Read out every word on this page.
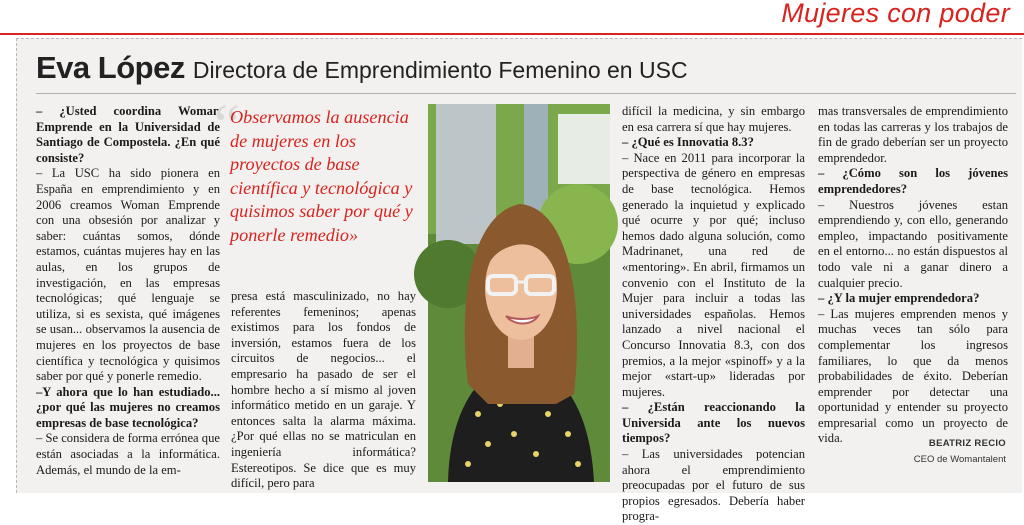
Mujeres con poder
Eva López Directora de Emprendimiento Femenino en USC

– ¿Usted coordina Woman Emprende en la Universidad de Santiago de Compostela. ¿En qué consiste?

– La USC ha sido pionera en España en emprendimiento y en 2006 creamos Woman Emprende con una obsesión por analizar y saber: cuántas somos, dónde estamos, cuántas mujeres hay en las aulas, en los grupos de investigación, en las empresas tecnológicas; qué lenguaje se utiliza, si es sexista, qué imágenes se usan... observamos la ausencia de mujeres en los proyectos de base científica y tecnológica y quisimos saber por qué y ponerle remedio.

–Y ahora que lo han estudiado... ¿por qué las mujeres no creamos empresas de base tecnológica?

– Se considera de forma errónea que están asociadas a la informática. Además, el mundo de la em-

“
Observamos la ausencia de mujeres en los proyectos de base científica y tecnológica y quisimos saber por qué y ponerle remedio»

presa está masculinizado, no hay referentes femeninos; apenas existimos para los fondos de inversión, estamos fuera de los circuitos de negocios... el empresario ha pasado de ser el hombre hecho a sí mismo al joven informático metido en un garaje. Y entonces salta la alarma máxima. ¿Por qué ellas no se matriculan en ingeniería informática? Estereotipos. Se dice que es muy difícil, pero para

difícil la medicina, y sin embargo en esa carrera sí que hay mujeres.

– ¿Qué es Innovatia 8.3?

– Nace en 2011 para incorporar la perspectiva de género en empresas de base tecnológica. Hemos generado la inquietud y explicado qué ocurre y por qué; incluso hemos dado alguna solución, como Madrinanet, una red de «mentoring». En abril, firmamos un convenio con el Instituto de la Mujer para incluir a todas las universidades españolas. Hemos lanzado a nivel nacional el Concurso Innovatia 8.3, con dos premios, a la mejor «spinoff» y a la mejor «start-up» lideradas por mujeres.

– ¿Están reaccionando la Universida ante los nuevos tiempos?

– Las universidades potencian ahora el emprendimiento preocupadas por el futuro de sus propios egresados. Debería haber progra-

mas transversales de emprendimiento en todas las carreras y los trabajos de fin de grado deberían ser un proyecto emprendedor.

– ¿Cómo son los jóvenes emprendedores?

– Nuestros jóvenes estan emprendiendo y, con ello, generando empleo, impactando positivamente en el entorno... no están dispuestos al todo vale ni a ganar dinero a cualquier precio.

– ¿Y la mujer emprendedora?

– Las mujeres emprenden menos y muchas veces tan sólo para complementar los ingresos familiares, lo que da menos probabilidades de éxito. Deberían emprender por detectar una oportunidad y entender su proyecto empresarial como un proyecto de vida.	BEATRIZ RECIO
CEO de Womantalent
